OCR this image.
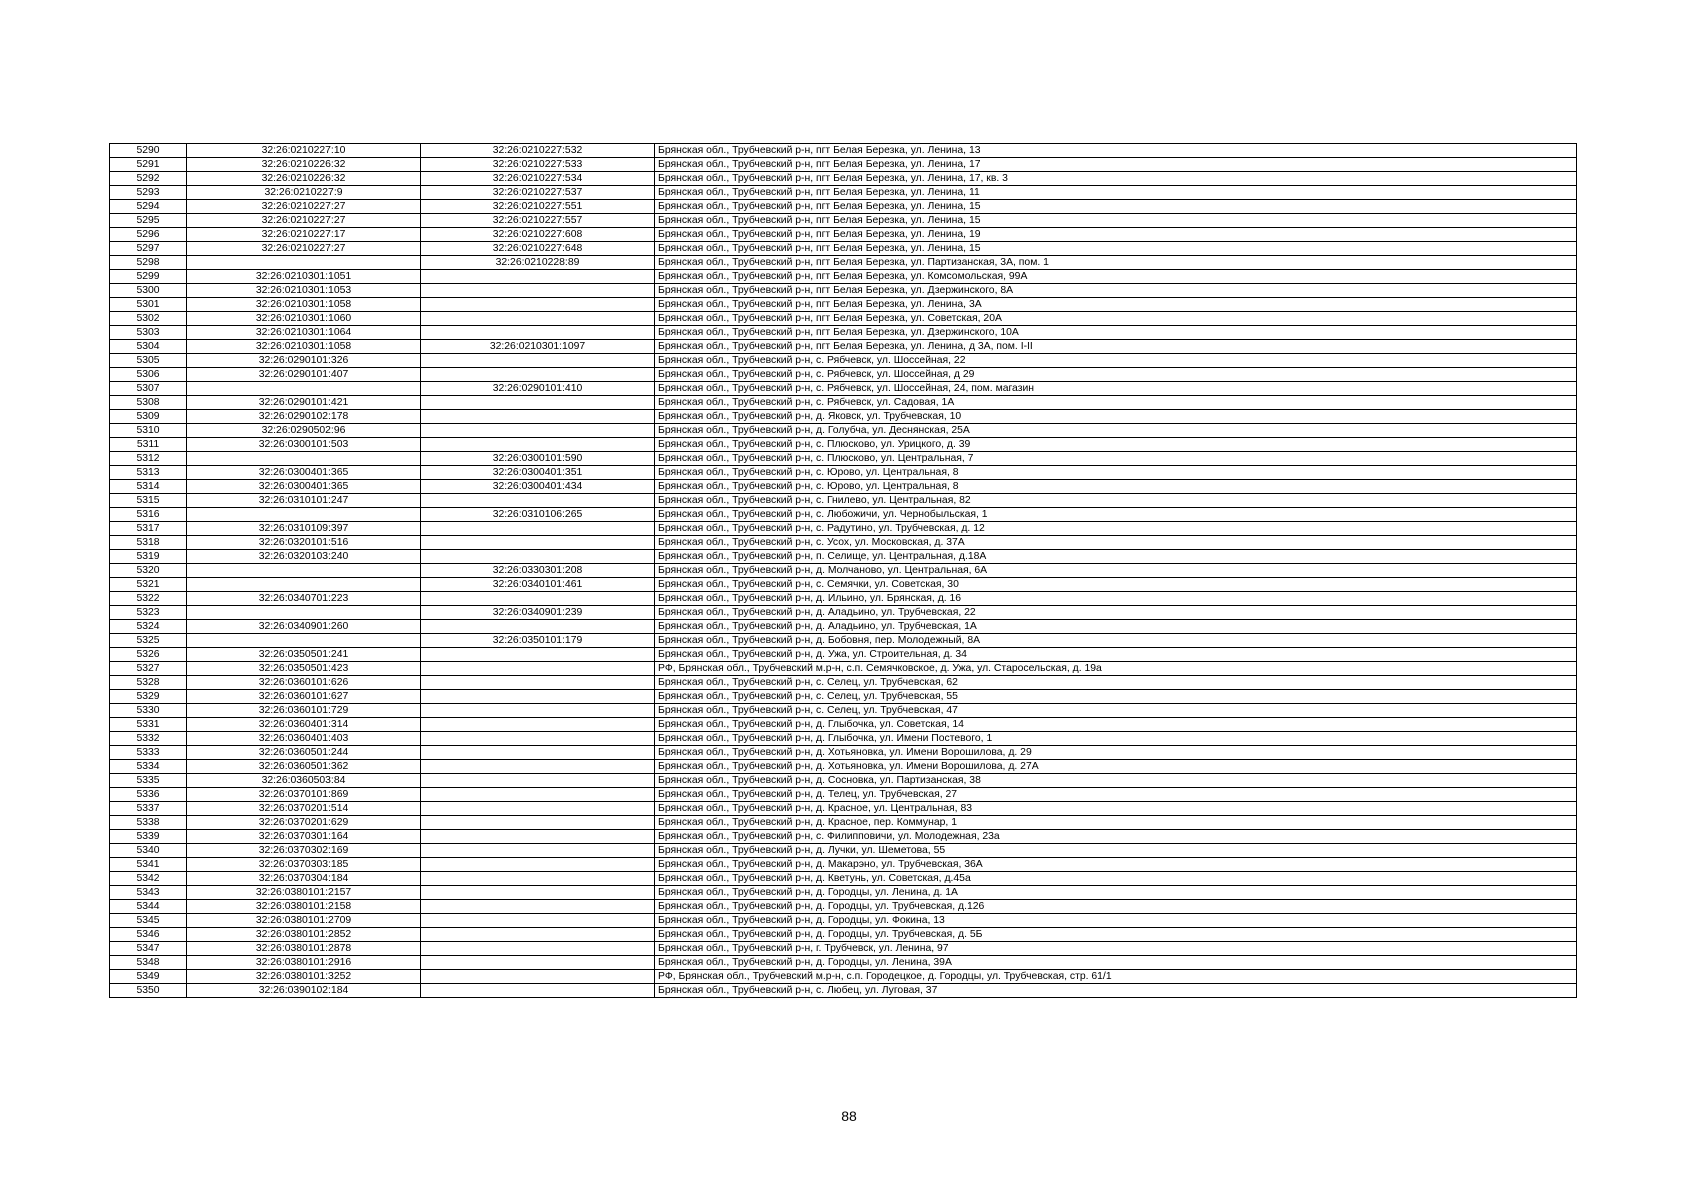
5290	32:26:0210227:10	32:26:0210227:532	Брянская обл., Трубчевский р-н, пгт Белая Березка, ул. Ленина, 13
5291	32:26:0210226:32	32:26:0210227:533	Брянская обл., Трубчевский р-н, пгт Белая Березка, ул. Ленина, 17
5292	32:26:0210226:32	32:26:0210227:534	Брянская обл., Трубчевский р-н, пгт Белая Березка, ул. Ленина, 17, кв. 3
5293	32:26:0210227:9	32:26:0210227:537	Брянская обл., Трубчевский р-н, пгт Белая Березка, ул. Ленина, 11
5294	32:26:0210227:27	32:26:0210227:551	Брянская обл., Трубчевский р-н, пгт Белая Березка, ул. Ленина, 15
5295	32:26:0210227:27	32:26:0210227:557	Брянская обл., Трубчевский р-н, пгт Белая Березка, ул. Ленина, 15
5296	32:26:0210227:17	32:26:0210227:608	Брянская обл., Трубчевский р-н, пгт Белая Березка, ул. Ленина, 19
5297	32:26:0210227:27	32:26:0210227:648	Брянская обл., Трубчевский р-н, пгт Белая Березка, ул. Ленина, 15
5298		32:26:0210228:89	Брянская обл., Трубчевский р-н, пгт Белая Березка, ул. Партизанская, 3А, пом. 1
5299	32:26:0210301:1051		Брянская обл., Трубчевский р-н, пгт Белая Березка, ул. Комсомольская, 99А
5300	32:26:0210301:1053		Брянская обл., Трубчевский р-н, пгт Белая Березка, ул. Дзержинского, 8А
5301	32:26:0210301:1058		Брянская обл., Трубчевский р-н, пгт Белая Березка, ул. Ленина, 3А
5302	32:26:0210301:1060		Брянская обл., Трубчевский р-н, пгт Белая Березка, ул. Советская, 20А
5303	32:26:0210301:1064		Брянская обл., Трубчевский р-н, пгт Белая Березка, ул. Дзержинского, 10А
5304	32:26:0210301:1058	32:26:0210301:1097	Брянская обл., Трубчевский р-н, пгт Белая Березка, ул. Ленина, д 3А, пом. I-II
5305	32:26:0290101:326		Брянская обл., Трубчевский р-н, с. Рябчевск, ул. Шоссейная, 22
5306	32:26:0290101:407		Брянская обл., Трубчевский р-н, с. Рябчевск, ул. Шоссейная, д 29
5307		32:26:0290101:410	Брянская обл., Трубчевский р-н, с. Рябчевск, ул. Шоссейная, 24, пом. магазин
5308	32:26:0290101:421		Брянская обл., Трубчевский р-н, с. Рябчевск, ул. Садовая, 1А
5309	32:26:0290102:178		Брянская обл., Трубчевский р-н, д. Яковск, ул. Трубчевская, 10
5310	32:26:0290502:96		Брянская обл., Трубчевский р-н, д. Голубча, ул. Деснянская, 25А
5311	32:26:0300101:503		Брянская обл., Трубчевский р-н, с. Плюсково, ул. Урицкого, д. 39
5312		32:26:0300101:590	Брянская обл., Трубчевский р-н, с. Плюсково, ул. Центральная, 7
5313	32:26:0300401:365	32:26:0300401:351	Брянская обл., Трубчевский р-н, с. Юрово, ул. Центральная, 8
5314	32:26:0300401:365	32:26:0300401:434	Брянская обл., Трубчевский р-н, с. Юрово, ул. Центральная, 8
5315	32:26:0310101:247		Брянская обл., Трубчевский р-н, с. Гнилево, ул. Центральная, 82
5316		32:26:0310106:265	Брянская обл., Трубчевский р-н, с. Любожичи, ул. Чернобыльская, 1
5317	32:26:0310109:397		Брянская обл., Трубчевский р-н, с. Радутино, ул. Трубчевская, д. 12
5318	32:26:0320101:516		Брянская обл., Трубчевский р-н, с. Усох, ул. Московская, д. 37А
5319	32:26:0320103:240		Брянская обл., Трубчевский р-н, п. Селище, ул. Центральная, д.18А
5320		32:26:0330301:208	Брянская обл., Трубчевский р-н, д. Молчаново, ул. Центральная, 6А
5321		32:26:0340101:461	Брянская обл., Трубчевский р-н, с. Семячки, ул. Советская, 30
5322	32:26:0340701:223		Брянская обл., Трубчевский р-н, д. Ильино, ул. Брянская, д. 16
5323		32:26:0340901:239	Брянская обл., Трубчевский р-н, д. Аладьино, ул. Трубчевская, 22
5324	32:26:0340901:260		Брянская обл., Трубчевский р-н, д. Аладьино, ул. Трубчевская, 1А
5325		32:26:0350101:179	Брянская обл., Трубчевский р-н, д. Бобовня, пер. Молодежный, 8А
5326	32:26:0350501:241		Брянская обл., Трубчевский р-н, д. Ужа, ул. Строительная, д. 34
5327	32:26:0350501:423		РФ, Брянская обл., Трубчевский м.р-н, с.п. Семячковское, д. Ужа, ул. Старосельская, д. 19а
5328	32:26:0360101:626		Брянская обл., Трубчевский р-н, с. Селец, ул. Трубчевская, 62
5329	32:26:0360101:627		Брянская обл., Трубчевский р-н, с. Селец, ул. Трубчевская, 55
5330	32:26:0360101:729		Брянская обл., Трубчевский р-н, с. Селец, ул. Трубчевская, 47
5331	32:26:0360401:314		Брянская обл., Трубчевский р-н, д. Глыбочка, ул. Советская, 14
5332	32:26:0360401:403		Брянская обл., Трубчевский р-н, д. Глыбочка, ул. Имени Постевого, 1
5333	32:26:0360501:244		Брянская обл., Трубчевский р-н, д. Хотьяновка, ул. Имени Ворошилова, д. 29
5334	32:26:0360501:362		Брянская обл., Трубчевский р-н, д. Хотьяновка, ул. Имени Ворошилова, д. 27А
5335	32:26:0360503:84		Брянская обл., Трубчевский р-н, д. Сосновка, ул. Партизанская, 38
5336	32:26:0370101:869		Брянская обл., Трубчевский р-н, д. Телец, ул. Трубчевская, 27
5337	32:26:0370201:514		Брянская обл., Трубчевский р-н, д. Красное, ул. Центральная, 83
5338	32:26:0370201:629		Брянская обл., Трубчевский р-н, д. Красное, пер. Коммунар, 1
5339	32:26:0370301:164		Брянская обл., Трубчевский р-н, с. Филипповичи, ул. Молодежная, 23а
5340	32:26:0370302:169		Брянская обл., Трубчевский р-н, д. Лучки, ул. Шеметова, 55
5341	32:26:0370303:185		Брянская обл., Трубчевский р-н, д. Макарэно, ул. Трубчевская, 36А
5342	32:26:0370304:184		Брянская обл., Трубчевский р-н, д. Кветунь, ул. Советская, д.45а
5343	32:26:0380101:2157		Брянская обл., Трубчевский р-н, д. Городцы, ул. Ленина, д. 1А
5344	32:26:0380101:2158		Брянская обл., Трубчевский р-н, д. Городцы, ул. Трубчевская, д.126
5345	32:26:0380101:2709		Брянская обл., Трубчевский р-н, д. Городцы, ул. Фокина, 13
5346	32:26:0380101:2852		Брянская обл., Трубчевский р-н, д. Городцы, ул. Трубчевская, д. 5Б
5347	32:26:0380101:2878		Брянская обл., Трубчевский р-н, г. Трубчевск, ул. Ленина, 97
5348	32:26:0380101:2916		Брянская обл., Трубчевский р-н, д. Городцы, ул. Ленина, 39А
5349	32:26:0380101:3252		РФ, Брянская обл., Трубчевский м.р-н, с.п. Городецкое, д. Городцы, ул. Трубчевская, стр. 61/1
5350	32:26:0390102:184		Брянская обл., Трубчевский р-н, с. Любец, ул. Луговая, 37
88
